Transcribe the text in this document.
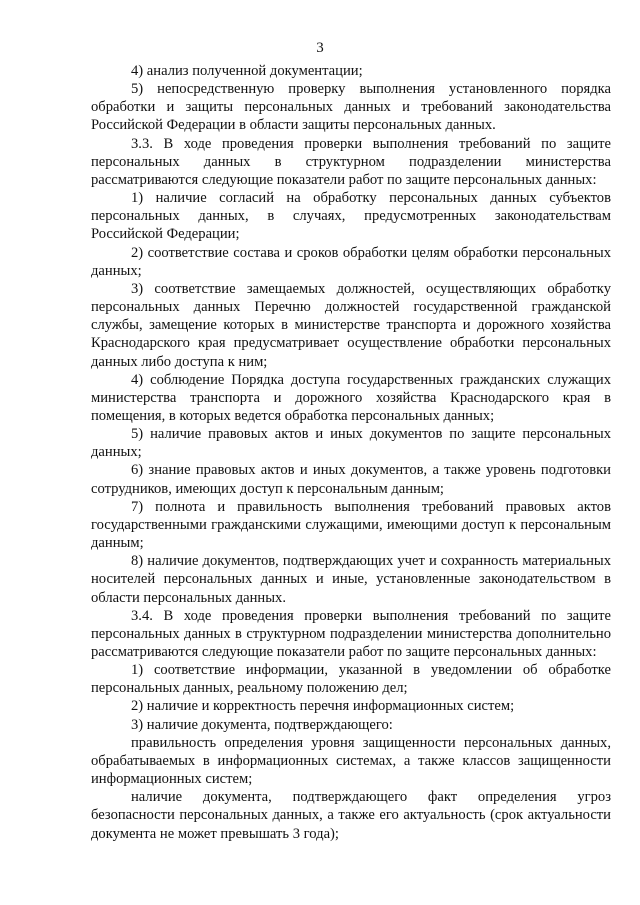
3

4) анализ полученной документации;

5) непосредственную проверку выполнения установленного порядка обработки и защиты персональных данных и требований законодательства Российской Федерации в области защиты персональных данных.

3.3. В ходе проведения проверки выполнения требований по защите персональных данных в структурном подразделении министерства рассматриваются следующие показатели работ по защите персональных данных:

1) наличие согласий на обработку персональных данных субъектов персональных данных, в случаях, предусмотренных законодательствам Российской Федерации;

2) соответствие состава и сроков обработки целям обработки персональных данных;

3) соответствие замещаемых должностей, осуществляющих обработку персональных данных Перечню должностей государственной гражданской службы, замещение которых в министерстве транспорта и дорожного хозяйства Краснодарского края предусматривает осуществление обработки персональных данных либо доступа к ним;

4) соблюдение Порядка доступа государственных гражданских служащих министерства транспорта и дорожного хозяйства Краснодарского края в помещения, в которых ведется обработка персональных данных;

5) наличие правовых актов и иных документов по защите персональных данных;

6) знание правовых актов и иных документов, а также уровень подготовки сотрудников, имеющих доступ к персональным данным;

7) полнота и правильность выполнения требований правовых актов государственными гражданскими служащими, имеющими доступ к персональным данным;

8) наличие документов, подтверждающих учет и сохранность материальных носителей персональных данных и иные, установленные законодательством в области персональных данных.

3.4. В ходе проведения проверки выполнения требований по защите персональных данных в структурном подразделении министерства дополнительно рассматриваются следующие показатели работ по защите персональных данных:

1) соответствие информации, указанной в уведомлении об обработке персональных данных, реальному положению дел;

2) наличие и корректность перечня информационных систем;

3) наличие документа, подтверждающего:

правильность определения уровня защищенности персональных данных, обрабатываемых в информационных системах, а также классов защищенности информационных систем;

наличие документа, подтверждающего факт определения угроз безопасности персональных данных, а также его актуальность (срок актуальности документа не может превышать 3 года);
